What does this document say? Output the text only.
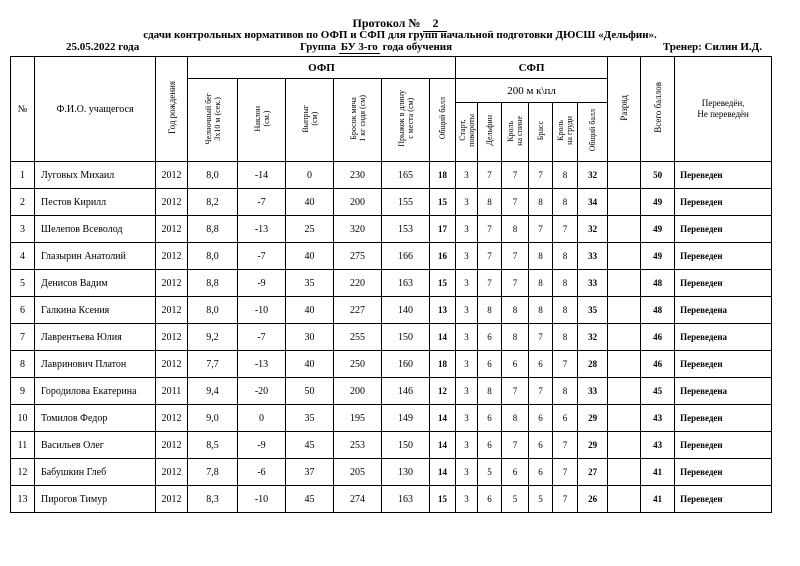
Протокол № 2
сдачи контрольных нормативов по ОФП и СФП для групп начальной подготовки ДЮСШ «Дельфин».
25.05.2022 года	Группа БУ 3-го года обучения	Тренер: Силин И.Д.
№	Ф.И.О. учащегося	Год рождения	ОФП						СФП						Разряд	Всего баллов	Переведён,
Не переведён
			Челночный бег
3х10 м (сек.)	Наклон
(см.)	Выпрыг
(см)	Бросок мяча
1 кг сидя (см)	Прыжок в длину
с места (см)	Общий балл	200 м к\пл								
									Старт,
повороты	Дельфин	Кроль
на спине	Брасс	Кроль
на груди	Общий балл			
1	Луговых Михаил	2012	8,0	-14	0	230	165	18	3	7	7	7	8	32		50	Переведен
2	Пестов Кирилл	2012	8,2	-7	40	200	155	15	3	8	7	8	8	34		49	Переведен
3	Шелепов Всеволод	2012	8,8	-13	25	320	153	17	3	7	8	7	7	32		49	Переведен
4	Глазырин Анатолий	2012	8,0	-7	40	275	166	16	3	7	7	8	8	33		49	Переведен
5	Денисов Вадим	2012	8,8	-9	35	220	163	15	3	7	7	8	8	33		48	Переведен
6	Галкина Ксения	2012	8,0	-10	40	227	140	13	3	8	8	8	8	35		48	Переведена
7	Лаврентьева Юлия	2012	9,2	-7	30	255	150	14	3	6	8	7	8	32		46	Переведена
8	Лавринович Платон	2012	7,7	-13	40	250	160	18	3	6	6	6	7	28		46	Переведен
9	Городилова Екатерина	2011	9,4	-20	50	200	146	12	3	8	7	7	8	33		45	Переведена
10	Томилов Федор	2012	9,0	0	35	195	149	14	3	6	8	6	6	29		43	Переведен
11	Васильев Олег	2012	8,5	-9	45	253	150	14	3	6	7	6	7	29		43	Переведен
12	Бабушкин Глеб	2012	7,8	-6	37	205	130	14	3	5	6	6	7	27		41	Переведен
13	Пирогов Тимур	2012	8,3	-10	45	274	163	15	3	6	5	5	7	26		41	Переведен
